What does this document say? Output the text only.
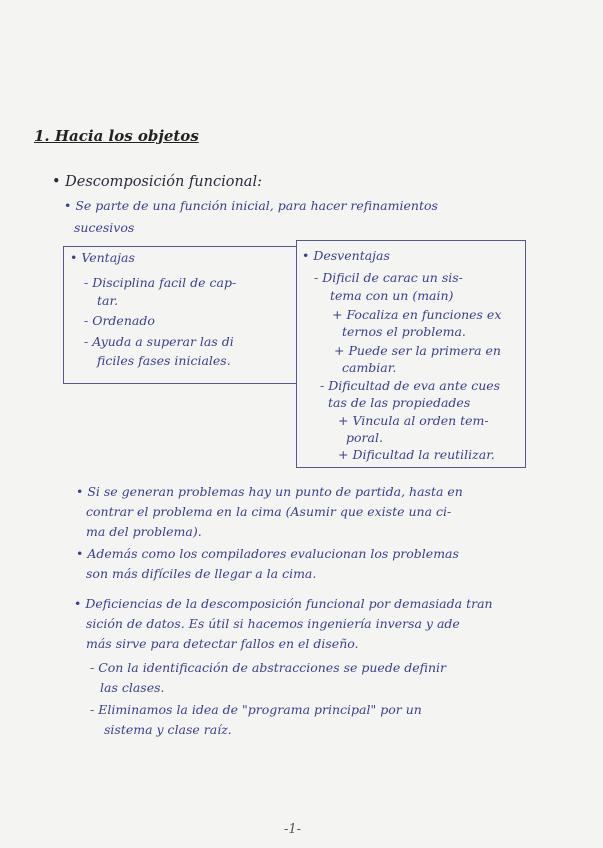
1. Hacia los objetos
• Descomposición funcional:
• Se parte de una función inicial, para hacer refinamientos
sucesivos
• Ventajas
- Disciplina facil de cap-
tar.
- Ordenado
- Ayuda a superar las di
ficiles fases iniciales.
• Desventajas
- Dificil de carac un sis-
tema con un (main)
+ Focaliza en funciones ex
ternos el problema.
+ Puede ser la primera en
cambiar.
- Dificultad de eva ante cues
tas de las propiedades
+ Vincula al orden tem-
poral.
+ Dificultad la reutilizar.
• Si se generan problemas hay un punto de partida, hasta en
contrar el problema en la cima (Asumir que existe una ci-
ma del problema).
• Además como los compiladores evalucionan los problemas
son más difíciles de llegar a la cima.
• Deficiencias de la descomposición funcional por demasiada tran
sición de datos. Es útil si hacemos ingeniería inversa y ade
más sirve para detectar fallos en el diseño.
- Con la identificación de abstracciones se puede definir
las clases.
- Eliminamos la idea de "programa principal" por un
sistema y clase raíz.
-1-
